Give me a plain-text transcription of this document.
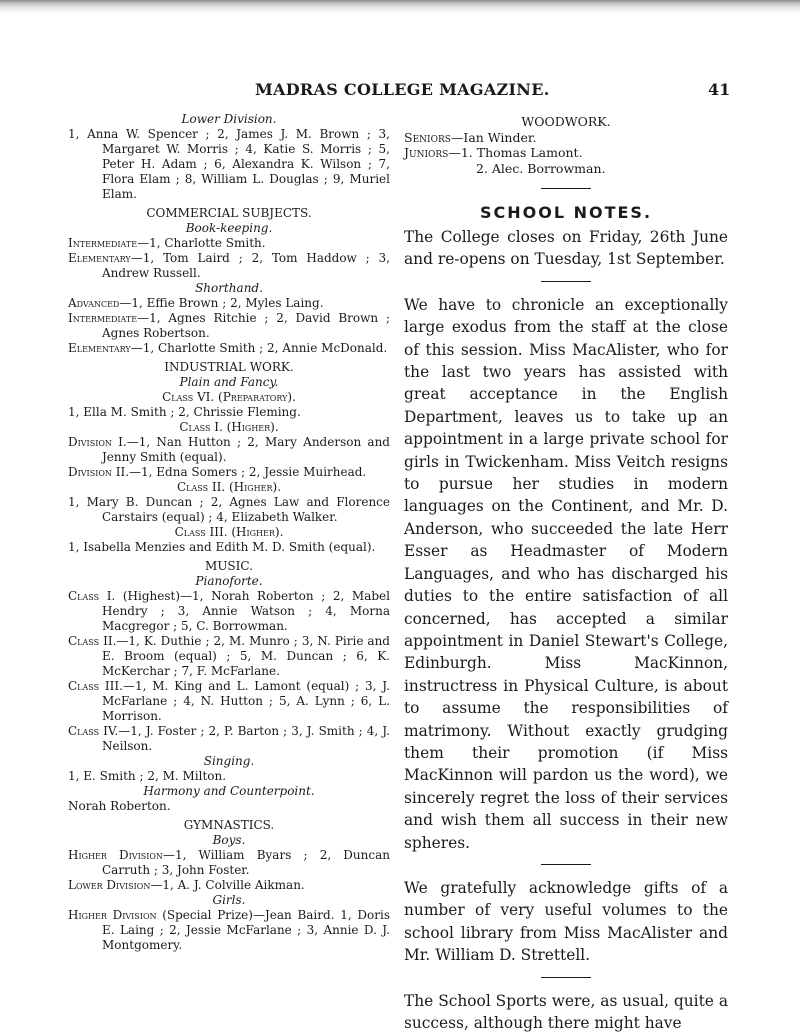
MADRAS COLLEGE MAGAZINE.	41

Lower Division.

1, Anna W. Spencer ; 2, James J. M. Brown ; 3, Margaret W. Morris ; 4, Katie S. Morris ; 5, Peter H. Adam ; 6, Alexandra K. Wilson ; 7, Flora Elam ; 8, William L. Douglas ; 9, Muriel Elam.

COMMERCIAL SUBJECTS.

Book-keeping.

Intermediate—1, Charlotte Smith.

Elementary—1, Tom Laird ; 2, Tom Haddow ; 3, Andrew Russell.

Shorthand.

Advanced—1, Effie Brown ; 2, Myles Laing.

Intermediate—1, Agnes Ritchie ; 2, David Brown ; Agnes Robertson.

Elementary—1, Charlotte Smith ; 2, Annie McDonald.

INDUSTRIAL WORK.

Plain and Fancy.

Class VI. (Preparatory).

1, Ella M. Smith ; 2, Chrissie Fleming.

Class I. (Higher).

Division I.—1, Nan Hutton ; 2, Mary Anderson and Jenny Smith (equal).

Division II.—1, Edna Somers ; 2, Jessie Muirhead.

Class II. (Higher).

1, Mary B. Duncan ; 2, Agnes Law and Florence Carstairs (equal) ; 4, Elizabeth Walker.

Class III. (Higher).

1, Isabella Menzies and Edith M. D. Smith (equal).

MUSIC.

Pianoforte.

Class I. (Highest)—1, Norah Roberton ; 2, Mabel Hendry ; 3, Annie Watson ; 4, Morna Macgregor ; 5, C. Borrowman.

Class II.—1, K. Duthie ; 2, M. Munro ; 3, N. Pirie and E. Broom (equal) ; 5, M. Duncan ; 6, K. McKerchar ; 7, F. McFarlane.

Class III.—1, M. King and L. Lamont (equal) ; 3, J. McFarlane ; 4, N. Hutton ; 5, A. Lynn ; 6, L. Morrison.

Class IV.—1, J. Foster ; 2, P. Barton ; 3, J. Smith ; 4, J. Neilson.

Singing.

1, E. Smith ; 2, M. Milton.

Harmony and Counterpoint.

Norah Roberton.

GYMNASTICS.

Boys.

Higher Division—1, William Byars ; 2, Duncan Carruth ; 3, John Foster.

Lower Division—1, A. J. Colville Aikman.

Girls.

Higher Division (Special Prize)—Jean Baird. 1, Doris E. Laing ; 2, Jessie McFarlane ; 3, Annie D. J. Montgomery.

WOODWORK.

Seniors—Ian Winder.

Juniors—1. Thomas Lamont.

2. Alec. Borrowman.

SCHOOL NOTES.

The College closes on Friday, 26th June and re-opens on Tuesday, 1st September.

We have to chronicle an exceptionally large exodus from the staff at the close of this session. Miss MacAlister, who for the last two years has assisted with great acceptance in the English Department, leaves us to take up an appointment in a large private school for girls in Twickenham. Miss Veitch resigns to pursue her studies in modern languages on the Continent, and Mr. D. Anderson, who succeeded the late Herr Esser as Headmaster of Modern Languages, and who has discharged his duties to the entire satisfaction of all concerned, has accepted a similar appointment in Daniel Stewart's College, Edinburgh. Miss MacKinnon, instructress in Physical Culture, is about to assume the responsibilities of matrimony. Without exactly grudging them their promotion (if Miss MacKinnon will pardon us the word), we sincerely regret the loss of their services and wish them all success in their new spheres.

We gratefully acknowledge gifts of a number of very useful volumes to the school library from Miss MacAlister and Mr. William D. Strettell.

The School Sports were, as usual, quite a success, although there might have
